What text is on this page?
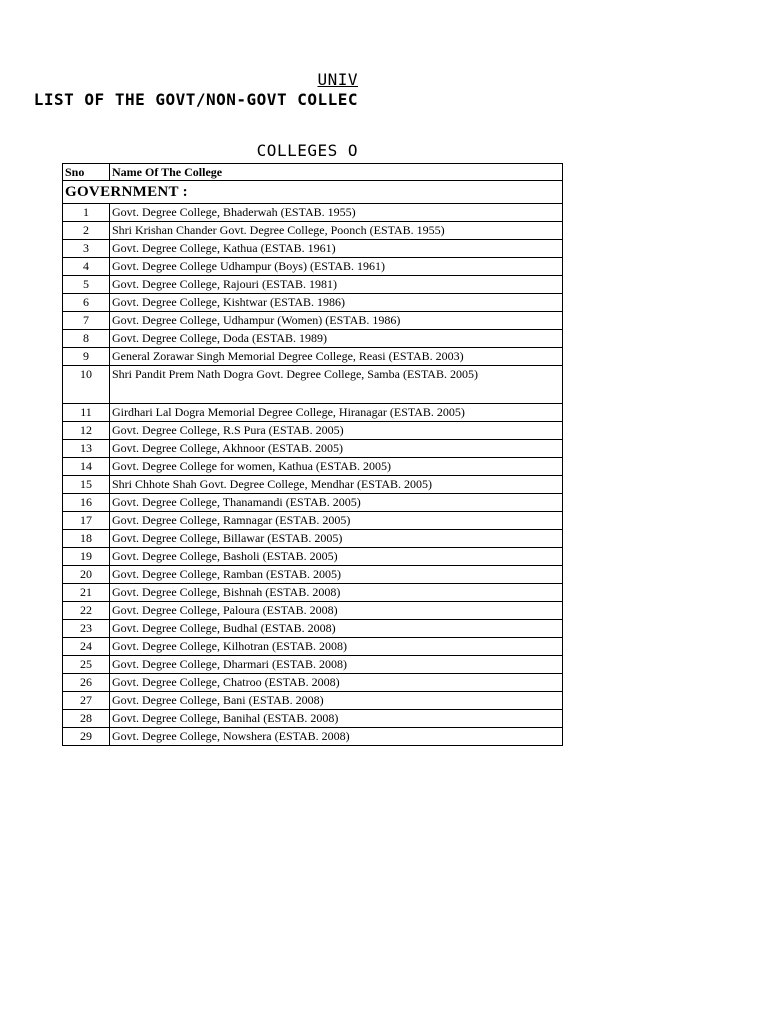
UNIV
LIST OF THE GOVT/NON-GOVT COLLEC
COLLEGES O
Sno	Name Of The College
GOVERNMENT :	
1	Govt. Degree College, Bhaderwah (ESTAB. 1955)
2	Shri Krishan Chander Govt. Degree College, Poonch (ESTAB. 1955)
3	Govt. Degree College, Kathua (ESTAB. 1961)
4	Govt. Degree College Udhampur (Boys) (ESTAB. 1961)
5	Govt. Degree College, Rajouri (ESTAB. 1981)
6	Govt. Degree College, Kishtwar (ESTAB. 1986)
7	Govt. Degree College, Udhampur (Women) (ESTAB. 1986)
8	Govt. Degree College, Doda (ESTAB. 1989)
9	General Zorawar Singh Memorial Degree College, Reasi (ESTAB. 2003)
10	Shri Pandit Prem Nath Dogra Govt. Degree College, Samba (ESTAB. 2005)
11	Girdhari Lal Dogra Memorial Degree College, Hiranagar (ESTAB. 2005)
12	Govt. Degree College, R.S Pura (ESTAB. 2005)
13	Govt. Degree College, Akhnoor (ESTAB. 2005)
14	Govt. Degree College for women, Kathua (ESTAB. 2005)
15	Shri Chhote Shah Govt. Degree College, Mendhar (ESTAB. 2005)
16	Govt. Degree College, Thanamandi (ESTAB. 2005)
17	Govt. Degree College, Ramnagar (ESTAB. 2005)
18	Govt. Degree College, Billawar (ESTAB. 2005)
19	Govt. Degree College, Basholi (ESTAB. 2005)
20	Govt. Degree College, Ramban (ESTAB. 2005)
21	Govt. Degree College, Bishnah (ESTAB. 2008)
22	Govt. Degree College, Paloura (ESTAB. 2008)
23	Govt. Degree College, Budhal (ESTAB. 2008)
24	Govt. Degree College, Kilhotran (ESTAB. 2008)
25	Govt. Degree College, Dharmari (ESTAB. 2008)
26	Govt. Degree College, Chatroo (ESTAB. 2008)
27	Govt. Degree College, Bani (ESTAB. 2008)
28	Govt. Degree College, Banihal (ESTAB. 2008)
29	Govt. Degree College, Nowshera (ESTAB. 2008)
